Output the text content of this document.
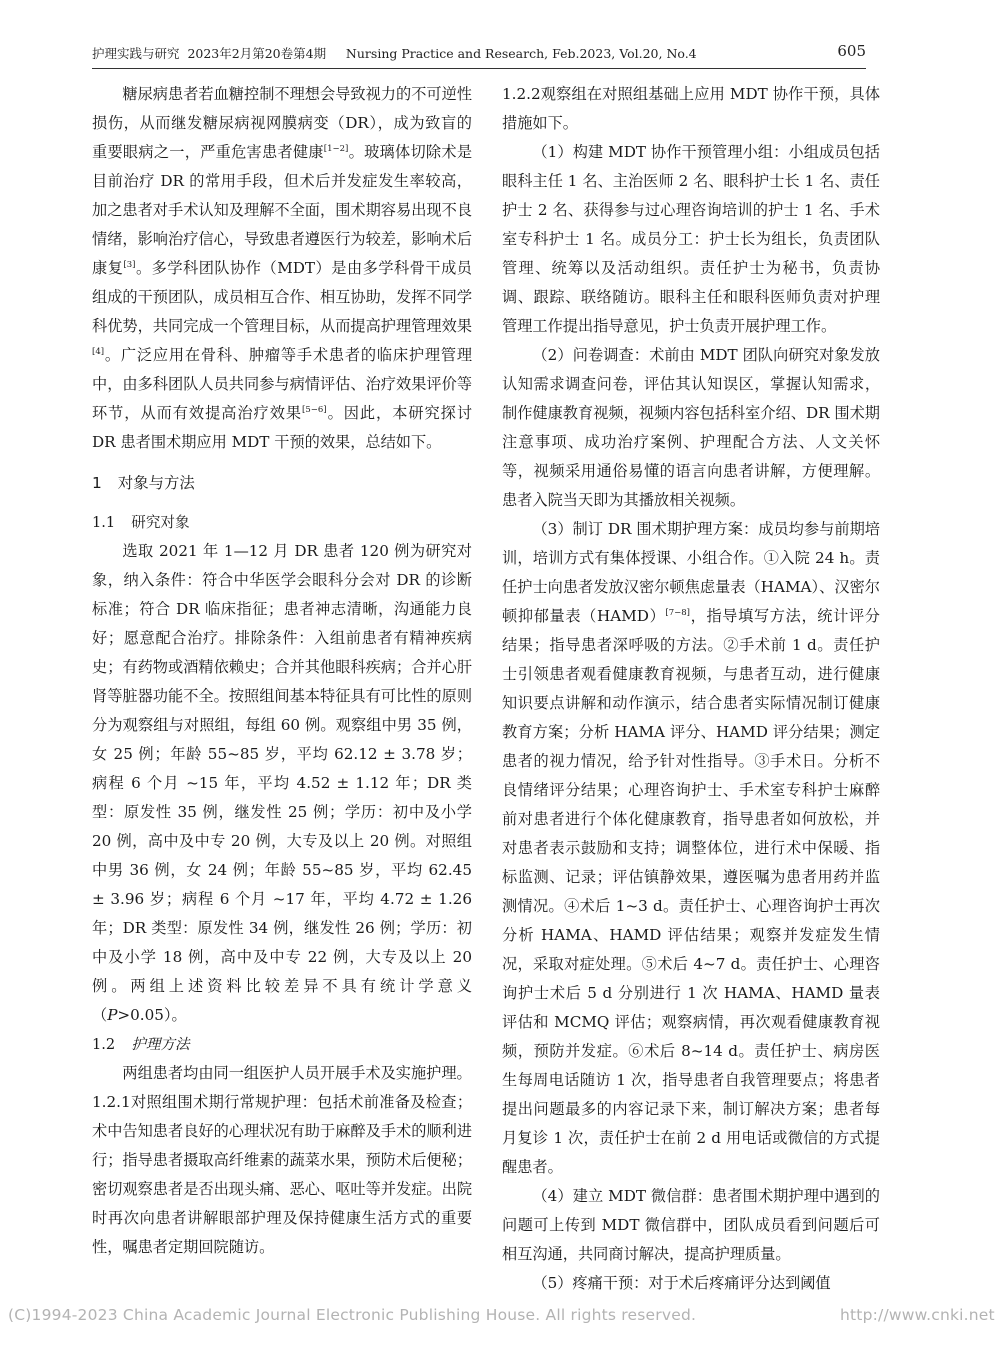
护理实践与研究  2023年2月第20卷第4期     Nursing Practice and Research, Feb.2023, Vol.20, No.4	605

糖尿病患者若血糖控制不理想会导致视力的不可逆性损伤，从而继发糖尿病视网膜病变（DR），成为致盲的重要眼病之一，严重危害患者健康[1−2]。玻璃体切除术是目前治疗 DR 的常用手段，但术后并发症发生率较高，加之患者对手术认知及理解不全面，围术期容易出现不良情绪，影响治疗信心，导致患者遵医行为较差，影响术后康复[3]。多学科团队协作（MDT）是由多学科骨干成员组成的干预团队，成员相互合作、相互协助，发挥不同学科优势，共同完成一个管理目标，从而提高护理管理效果[4]。广泛应用在骨科、肿瘤等手术患者的临床护理管理中，由多科团队人员共同参与病情评估、治疗效果评价等环节，从而有效提高治疗效果[5−6]。因此，本研究探讨 DR 患者围术期应用 MDT 干预的效果，总结如下。

1 对象与方法
1.1 研究对象

选取 2021 年 1—12 月 DR 患者 120 例为研究对象，纳入条件：符合中华医学会眼科分会对 DR 的诊断标准；符合 DR 临床指征；患者神志清晰，沟通能力良好；愿意配合治疗。排除条件：入组前患者有精神疾病史；有药物或酒精依赖史；合并其他眼科疾病；合并心肝肾等脏器功能不全。按照组间基本特征具有可比性的原则分为观察组与对照组，每组 60 例。观察组中男 35 例，女 25 例；年龄 55~85 岁，平均 62.12 ± 3.78 岁；病程 6 个月 ~15 年，平均 4.52 ± 1.12 年；DR 类型：原发性 35 例，继发性 25 例；学历：初中及小学 20 例，高中及中专 20 例，大专及以上 20 例。对照组中男 36 例，女 24 例；年龄 55~85 岁，平均 62.45 ± 3.96 岁；病程 6 个月 ~17 年，平均 4.72 ± 1.26 年；DR 类型：原发性 34 例，继发性 26 例；学历：初中及小学 18 例，高中及中专 22 例，大专及以上 20 例。两组上述资料比较差异不具有统计学意义（P>0.05）。

1.2 护理方法

两组患者均由同一组医护人员开展手术及实施护理。

1.2.1对照组围术期行常规护理：包括术前准备及检查；术中告知患者良好的心理状况有助于麻醉及手术的顺利进行；指导患者摄取高纤维素的蔬菜水果，预防术后便秘；密切观察患者是否出现头痛、恶心、呕吐等并发症。出院时再次向患者讲解眼部护理及保持健康生活方式的重要性，嘱患者定期回院随访。

1.2.2观察组在对照组基础上应用 MDT 协作干预，具体措施如下。

（1）构建 MDT 协作干预管理小组：小组成员包括眼科主任 1 名、主治医师 2 名、眼科护士长 1 名、责任护士 2 名、获得参与过心理咨询培训的护士 1 名、手术室专科护士 1 名。成员分工：护士长为组长，负责团队管理、统筹以及活动组织。责任护士为秘书，负责协调、跟踪、联络随访。眼科主任和眼科医师负责对护理管理工作提出指导意见，护士负责开展护理工作。

（2）问卷调查：术前由 MDT 团队向研究对象发放认知需求调查问卷，评估其认知误区，掌握认知需求，制作健康教育视频，视频内容包括科室介绍、DR 围术期注意事项、成功治疗案例、护理配合方法、人文关怀等，视频采用通俗易懂的语言向患者讲解，方便理解。患者入院当天即为其播放相关视频。

（3）制订 DR 围术期护理方案：成员均参与前期培训，培训方式有集体授课、小组合作。①入院 24 h。责任护士向患者发放汉密尔顿焦虑量表（HAMA）、汉密尔顿抑郁量表（HAMD）[7−8]，指导填写方法，统计评分结果；指导患者深呼吸的方法。②手术前 1 d。责任护士引领患者观看健康教育视频，与患者互动，进行健康知识要点讲解和动作演示，结合患者实际情况制订健康教育方案；分析 HAMA 评分、HAMD 评分结果；测定患者的视力情况，给予针对性指导。③手术日。分析不良情绪评分结果；心理咨询护士、手术室专科护士麻醉前对患者进行个体化健康教育，指导患者如何放松，并对患者表示鼓励和支持；调整体位，进行术中保暖、指标监测、记录；评估镇静效果，遵医嘱为患者用药并监测情况。④术后 1~3 d。责任护士、心理咨询护士再次分析 HAMA、HAMD 评估结果；观察并发症发生情况，采取对症处理。⑤术后 4~7 d。责任护士、心理咨询护士术后 5 d 分别进行 1 次 HAMA、HAMD 量表评估和 MCMQ 评估；观察病情，再次观看健康教育视频，预防并发症。⑥术后 8~14 d。责任护士、病房医生每周电话随访 1 次，指导患者自我管理要点；将患者提出问题最多的内容记录下来，制订解决方案；患者每月复诊 1 次，责任护士在前 2 d 用电话或微信的方式提醒患者。

（4）建立 MDT 微信群：患者围术期护理中遇到的问题可上传到 MDT 微信群中，团队成员看到问题后可相互沟通，共同商讨解决，提高护理质量。

（5）疼痛干预：对于术后疼痛评分达到阈值

(C)1994-2023 China Academic Journal Electronic Publishing House. All rights reserved.	http://www.cnki.net
